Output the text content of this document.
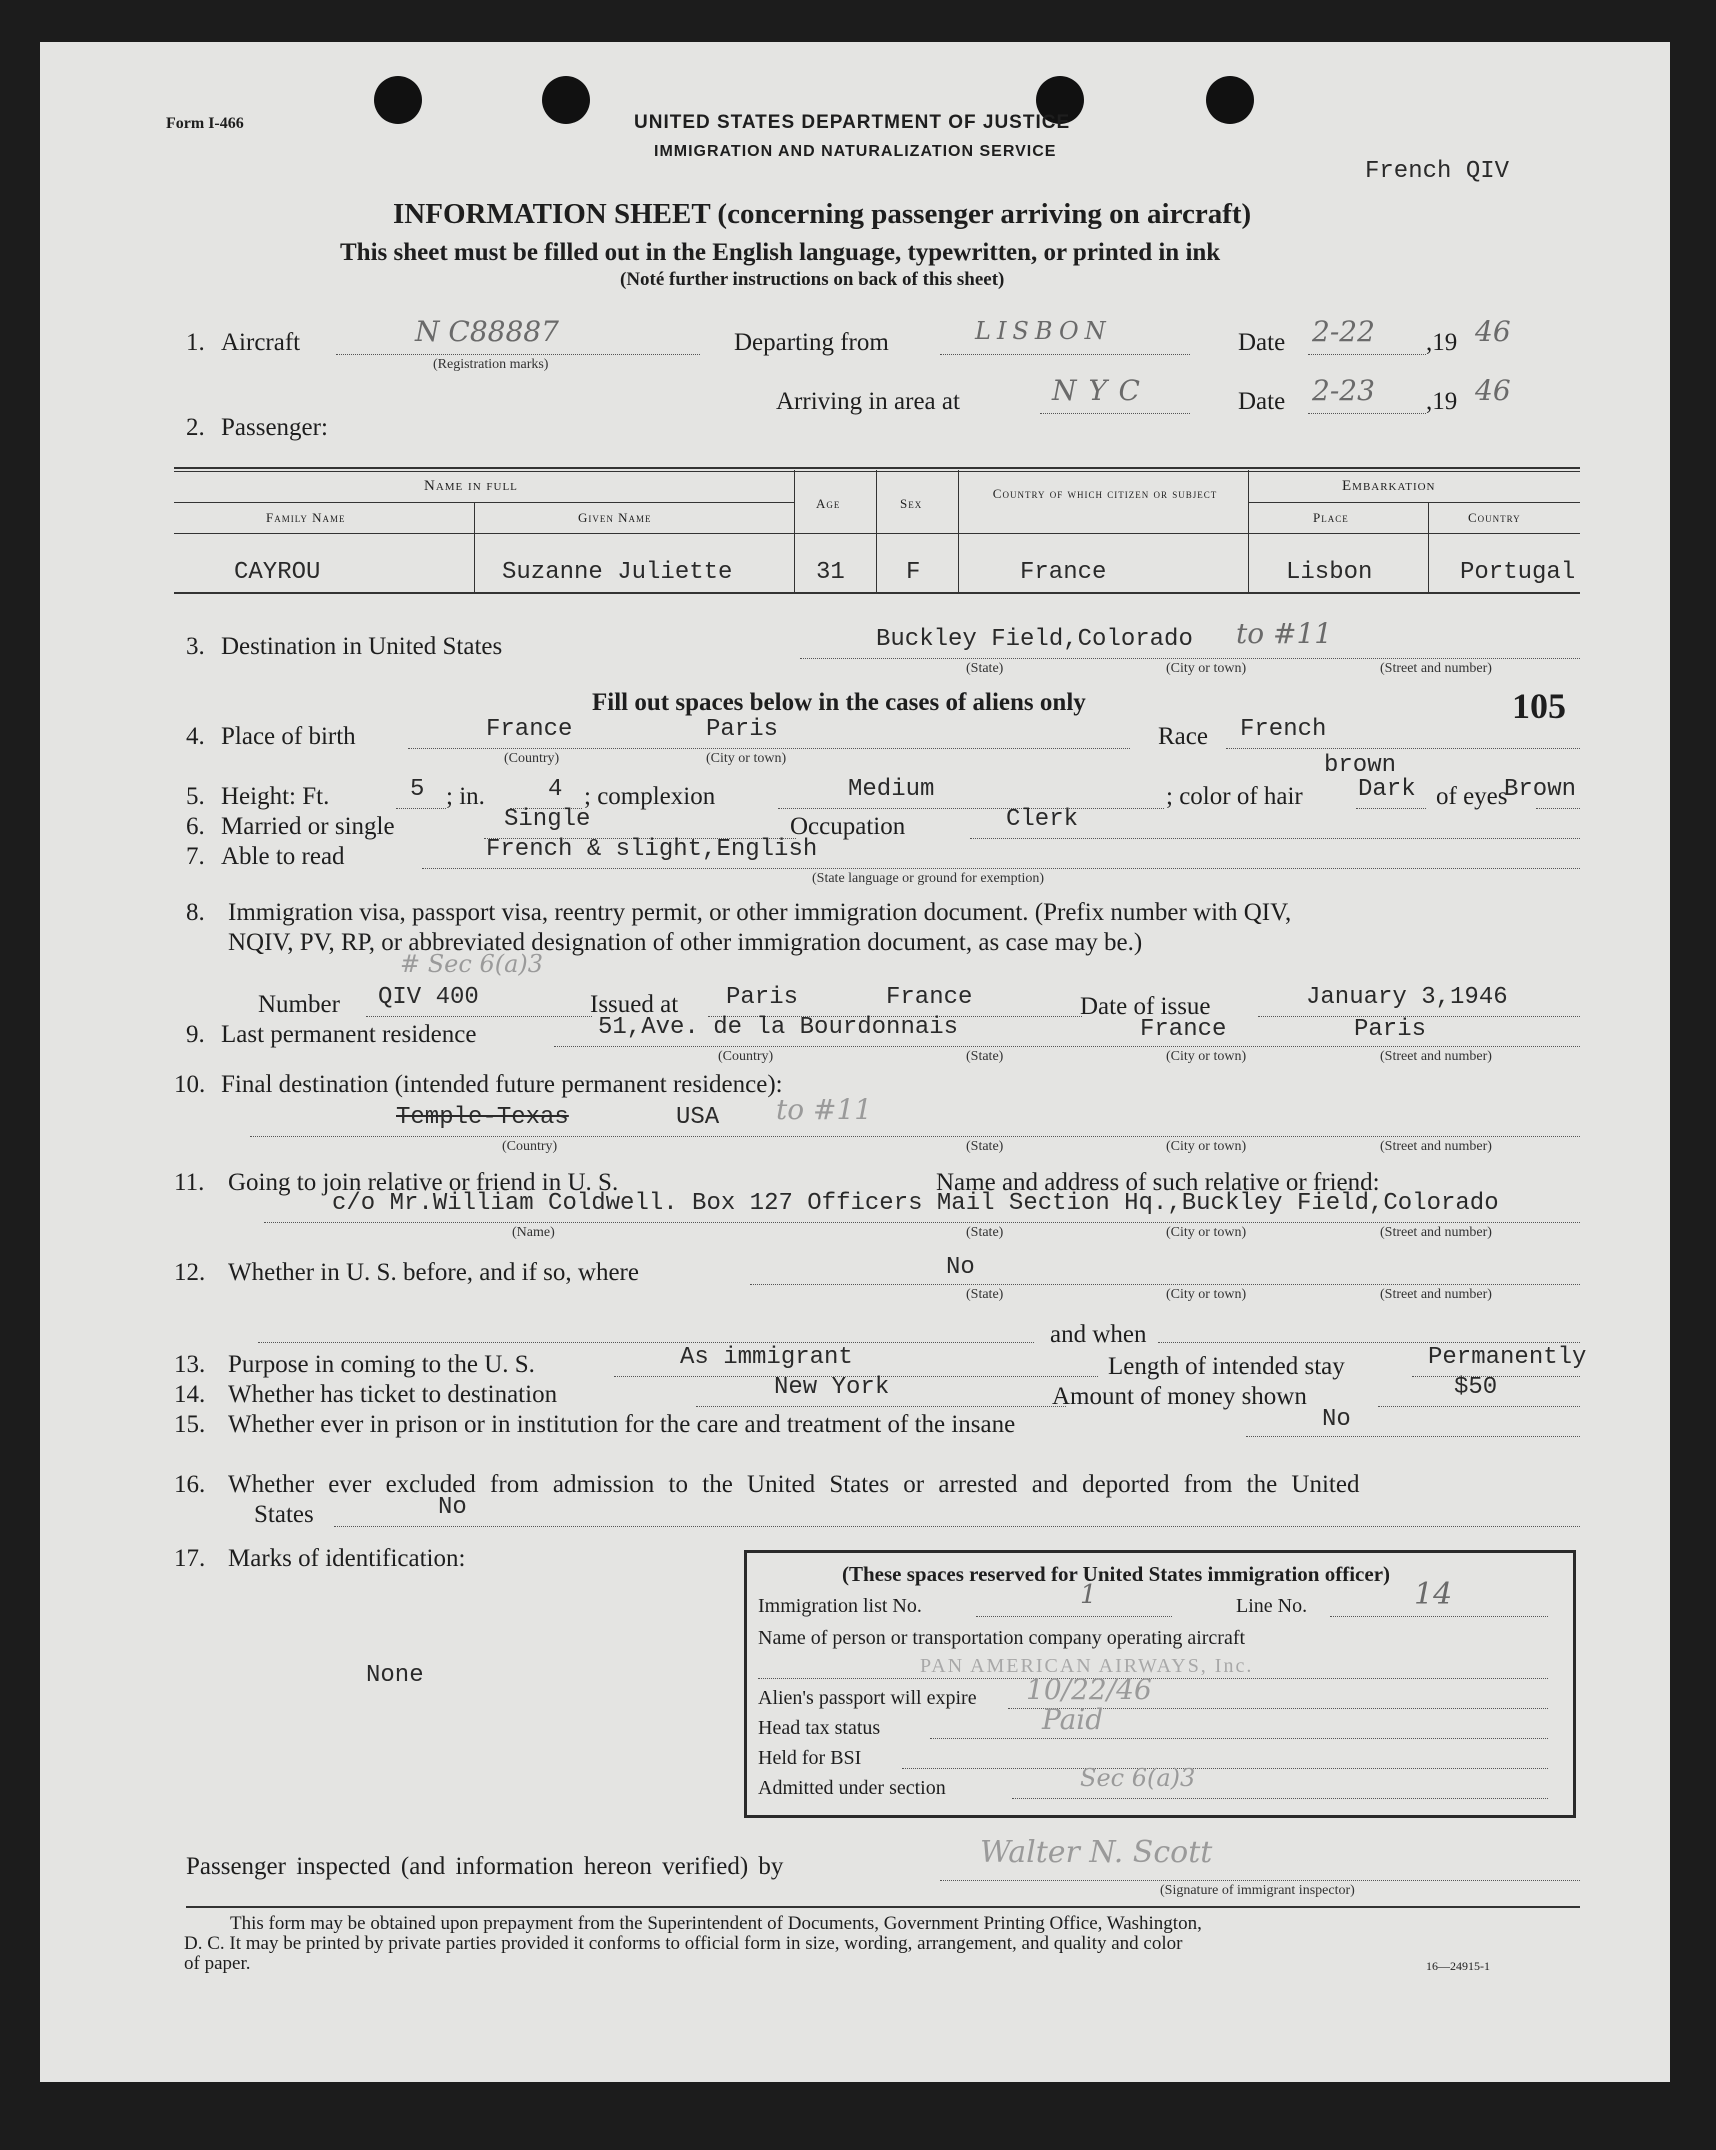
Form I-466	UNITED STATES DEPARTMENT OF JUSTICE
IMMIGRATION AND NATURALIZATION SERVICE
French QIV
INFORMATION SHEET (concerning passenger arriving on aircraft)
This sheet must be filled out in the English language, typewritten, or printed in ink
(Noté further instructions on back of this sheet)
1. Aircraft	N C88887
(Registration marks)
Departing from	LISBON	Date 2-22 ,19 46
Arriving in area at	NYC	Date 2-23 ,19 46
2. Passenger:
Name in full
Family Name	Given Name
Age	Sex
Country of which citizen or subject	Embarkation
Place	Country
CAYROU	Suzanne Juliette	31	F	France	Lisbon	Portugal
3. Destination in United States	Buckley Field,Colorado to #11
(State)	(City or town)	(Street and number)
Fill out spaces below in the cases of aliens only	105
4. Place of birth	France	Paris
(Country)	(City or town)
Race French
5. Height: Ft.	5 ; in.	4 ; complexion	Medium	; color of hair
brown
Dark of eyes
Brown
6. Married or single	Single	Occupation	Clerk
7. Able to read	French & slight,English
(State language or ground for exemption)
8. Immigration visa, passport visa, reentry permit, or other immigration document. (Prefix number with QIV,
NQIV, PV, RP, or abbreviated designation of other immigration document, as case may be.)
# Sec 6(a)3
Number QIV 400	Issued at Paris	France	Date of issue	January 3,1946
9. Last permanent residence	51,Ave. de la Bourdonnais	France	Paris
(Country)	(State)	(City or town)	(Street and number)
10. Final destination (intended future permanent residence):
Temple-Texas	USA to #11
(Country)	(State)	(City or town)	(Street and number)
11. Going to join relative or friend in U. S.	Name and address of such relative or friend:
c/o Mr.William Coldwell. Box 127 Officers Mail Section Hq.,Buckley Field,Colorado
(Name)	(State)	(City or town)	(Street and number)
12. Whether in U. S. before, and if so, where	No
(State)	(City or town)	(Street and number)
and when
13. Purpose in coming to the U. S.	As immigrant	Length of intended stay	Permanently
14. Whether has ticket to destination	New York	Amount of money shown	$50
15. Whether ever in prison or in institution for the care and treatment of the insane	No
16. Whether ever excluded from admission to the United States or arrested and deported from the United
States	No
17. Marks of identification:
None
(These spaces reserved for United States immigration officer)
Immigration list No.	1	Line No.	14
Name of person or transportation company operating aircraft
PAN AMERICAN AIRWAYS, Inc.
Alien's passport will expire 10/22/46
Head tax status	Paid
Held for BSI
Admitted under section	Sec 6(a)3
Passenger inspected (and information hereon verified) by	Walter N. Scott
(Signature of immigrant inspector)
This form may be obtained upon prepayment from the Superintendent of Documents, Government Printing Office, Washington,
D. C. It may be printed by private parties provided it conforms to official form in size, wording, arrangement, and quality and color
of paper.	16—24915-1
